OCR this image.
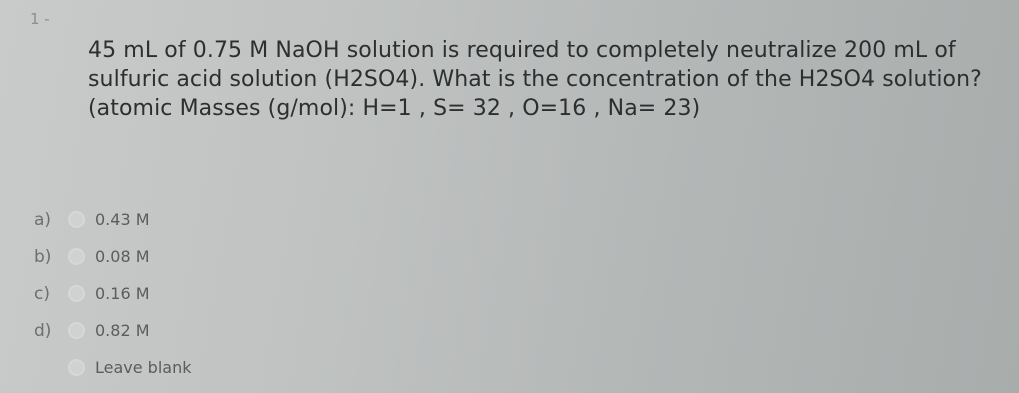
1 -
45 mL of 0.75 M NaOH solution is required to completely neutralize 200 mL of sulfuric acid solution (H2SO4). What is the concentration of the H2SO4 solution? (atomic Masses (g/mol): H=1 , S= 32 , O=16 , Na= 23)
a)	0.43 M
b)	0.08 M
c)	0.16 M
d)	0.82 M
Leave blank
